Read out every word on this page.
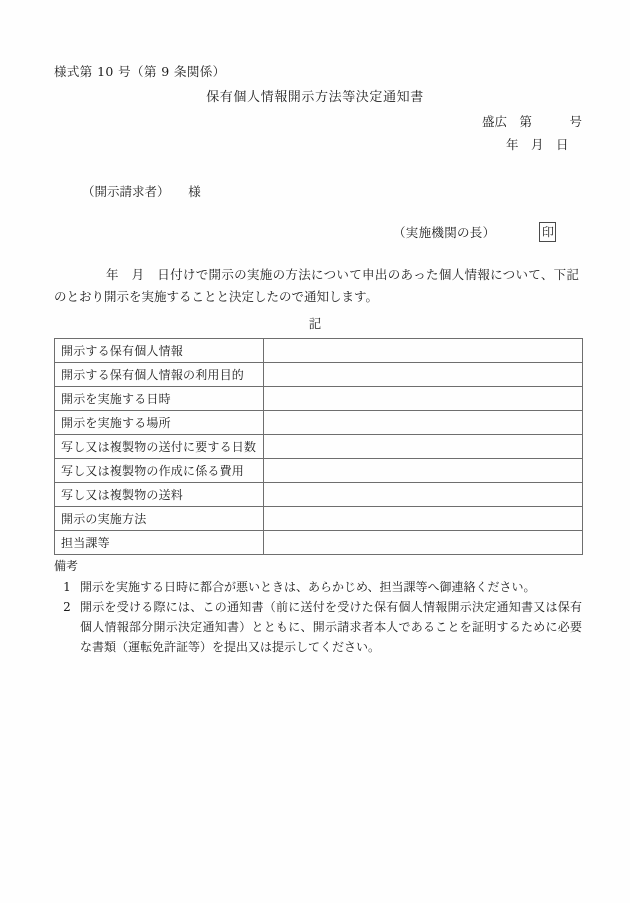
様式第 10 号（第 9 条関係）
保有個人情報開示方法等決定通知書
盛広　第　　　号
年　月　日
（開示請求者）　　様
（実施機関の長）	印
年　月　日付けで開示の実施の方法について申出のあった個人情報について、下記のとおり開示を実施することと決定したので通知します。
記
開示する保有個人情報	
開示する保有個人情報の利用目的	
開示を実施する日時	
開示を実施する場所	
写し又は複製物の送付に要する日数	
写し又は複製物の作成に係る費用	
写し又は複製物の送料	
開示の実施方法	
担当課等	
備考
1 開示を実施する日時に都合が悪いときは、あらかじめ、担当課等へ御連絡ください。
2 開示を受ける際には、この通知書（前に送付を受けた保有個人情報開示決定通知書又は保有個人情報部分開示決定通知書）とともに、開示請求者本人であることを証明するために必要な書類（運転免許証等）を提出又は提示してください。
